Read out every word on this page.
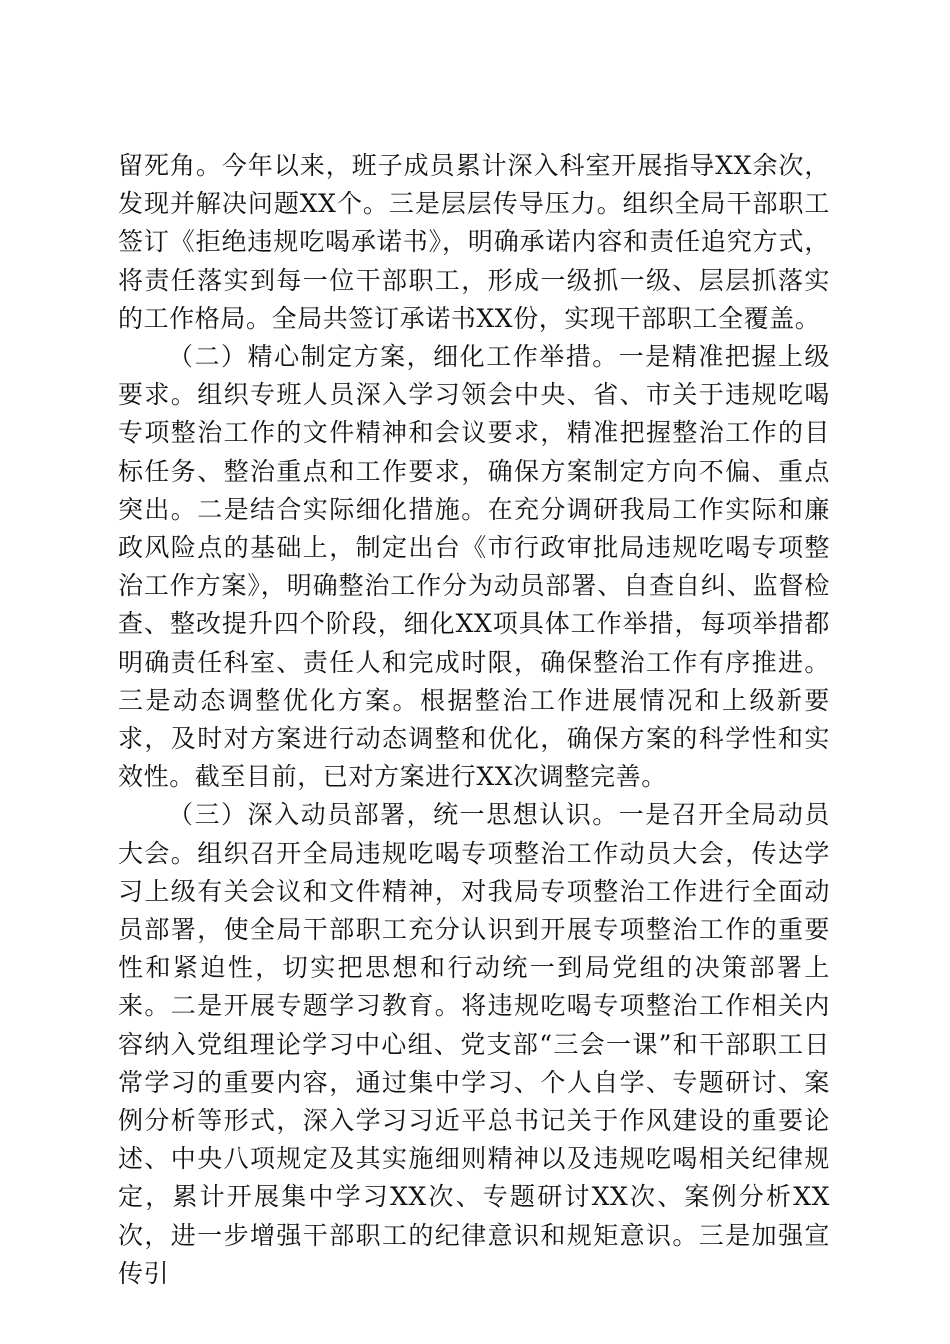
留死角。今年以来，班子成员累计深入科室开展指导XX余次，发现并解决问题XX个。三是层层传导压力。组织全局干部职工签订《拒绝违规吃喝承诺书》，明确承诺内容和责任追究方式，将责任落实到每一位干部职工，形成一级抓一级、层层抓落实的工作格局。全局共签订承诺书XX份，实现干部职工全覆盖。

（二）精心制定方案，细化工作举措。一是精准把握上级要求。组织专班人员深入学习领会中央、省、市关于违规吃喝专项整治工作的文件精神和会议要求，精准把握整治工作的目标任务、整治重点和工作要求，确保方案制定方向不偏、重点突出。二是结合实际细化措施。在充分调研我局工作实际和廉政风险点的基础上，制定出台《市行政审批局违规吃喝专项整治工作方案》，明确整治工作分为动员部署、自查自纠、监督检查、整改提升四个阶段，细化XX项具体工作举措，每项举措都明确责任科室、责任人和完成时限，确保整治工作有序推进。三是动态调整优化方案。根据整治工作进展情况和上级新要求，及时对方案进行动态调整和优化，确保方案的科学性和实效性。截至目前，已对方案进行XX次调整完善。

（三）深入动员部署，统一思想认识。一是召开全局动员大会。组织召开全局违规吃喝专项整治工作动员大会，传达学习上级有关会议和文件精神，对我局专项整治工作进行全面动员部署，使全局干部职工充分认识到开展专项整治工作的重要性和紧迫性，切实把思想和行动统一到局党组的决策部署上来。二是开展专题学习教育。将违规吃喝专项整治工作相关内容纳入党组理论学习中心组、党支部“三会一课”和干部职工日常学习的重要内容，通过集中学习、个人自学、专题研讨、案例分析等形式，深入学习习近平总书记关于作风建设的重要论述、中央八项规定及其实施细则精神以及违规吃喝相关纪律规定，累计开展集中学习XX次、专题研讨XX次、案例分析XX次，进一步增强干部职工的纪律意识和规矩意识。三是加强宣传引
